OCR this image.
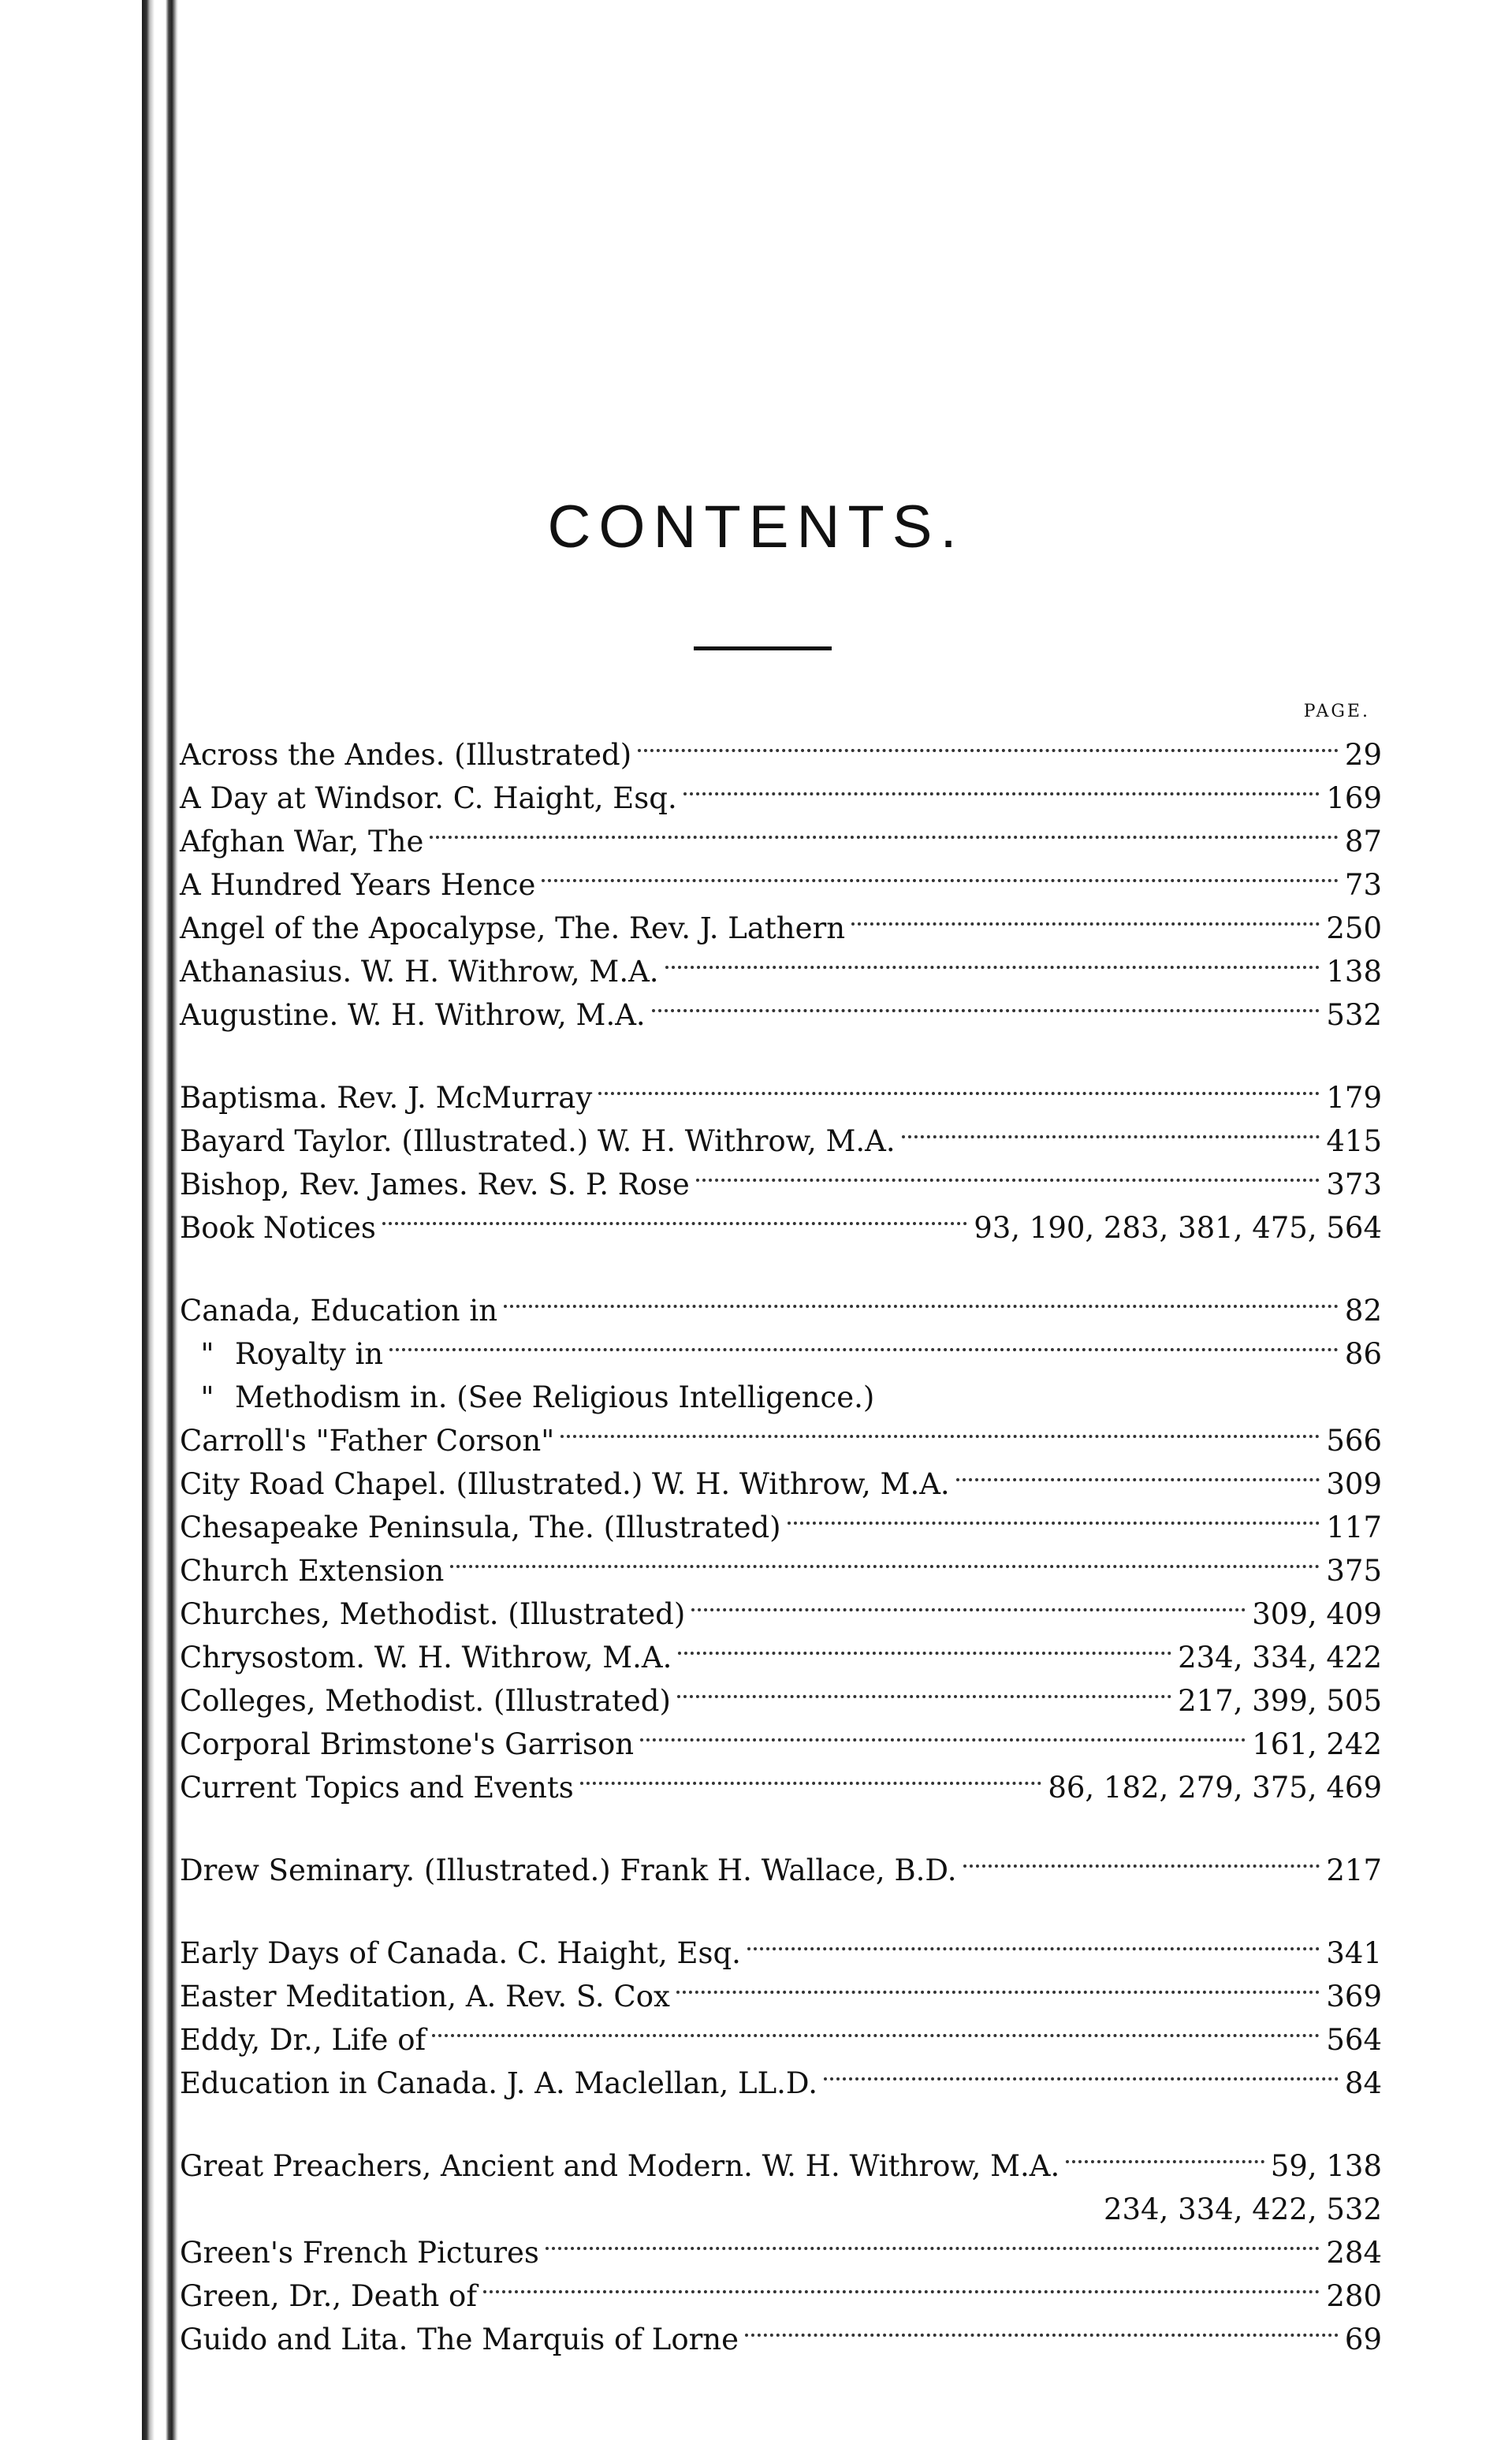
CONTENTS.
PAGE.
Across the Andes. (Illustrated)	29
A Day at Windsor. C. Haight, Esq.	169
Afghan War, The	87
A Hundred Years Hence	73
Angel of the Apocalypse, The. Rev. J. Lathern	250
Athanasius. W. H. Withrow, M.A.	138
Augustine. W. H. Withrow, M.A.	532
Baptisma. Rev. J. McMurray	179
Bayard Taylor. (Illustrated.) W. H. Withrow, M.A.	415
Bishop, Rev. James. Rev. S. P. Rose	373
Book Notices	93, 190, 283, 381, 475, 564
Canada, Education in	82
" Royalty in	86
" Methodism in. (See Religious Intelligence.)
Carroll's "Father Corson"	566
City Road Chapel. (Illustrated.) W. H. Withrow, M.A.	309
Chesapeake Peninsula, The. (Illustrated)	117
Church Extension	375
Churches, Methodist. (Illustrated)	309, 409
Chrysostom. W. H. Withrow, M.A.	234, 334, 422
Colleges, Methodist. (Illustrated)	217, 399, 505
Corporal Brimstone's Garrison	161, 242
Current Topics and Events	86, 182, 279, 375, 469
Drew Seminary. (Illustrated.) Frank H. Wallace, B.D.	217
Early Days of Canada. C. Haight, Esq.	341
Easter Meditation, A. Rev. S. Cox	369
Eddy, Dr., Life of	564
Education in Canada. J. A. Maclellan, LL.D.	84
Great Preachers, Ancient and Modern. W. H. Withrow, M.A.	59, 138
234, 334, 422, 532
Green's French Pictures	284
Green, Dr., Death of	280
Guido and Lita. The Marquis of Lorne	69
